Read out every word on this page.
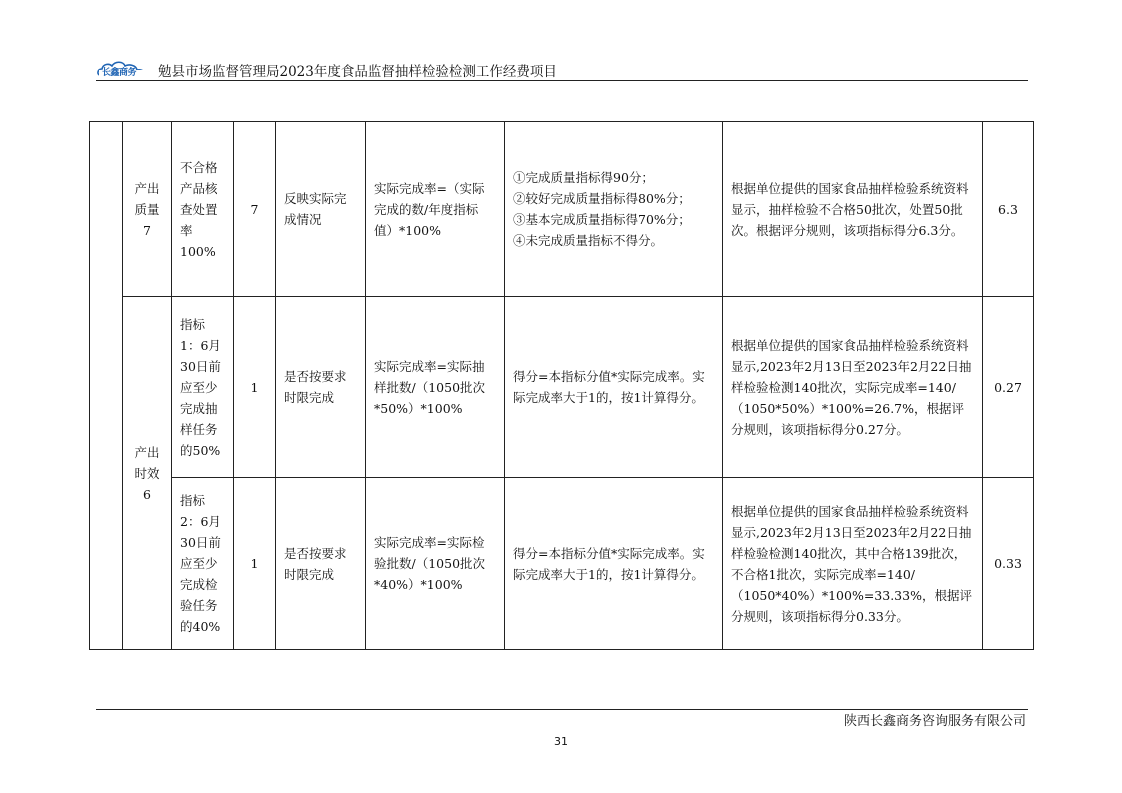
长鑫商务 勉县市场监督管理局2023年度食品监督抽样检验检测工作经费项目
	产出质量7	不合格产品核查处置率100%	7	反映实际完成情况	实际完成率=（实际完成的数/年度指标值）*100%	①完成质量指标得90分；
②较好完成质量指标得80%分；
③基本完成质量指标得70%分；
④未完成质量指标不得分。	根据单位提供的国家食品抽样检验系统资料显示，抽样检验不合格50批次，处置50批次。根据评分规则，该项指标得分6.3分。	6.3
	产出时效6	指标1：6月30日前应至少完成抽样任务的50%	1	是否按要求时限完成	实际完成率=实际抽样批数/（1050批次*50%）*100%	得分=本指标分值*实际完成率。实际完成率大于1的，按1计算得分。	根据单位提供的国家食品抽样检验系统资料显示,2023年2月13日至2023年2月22日抽样检验检测140批次，实际完成率=140/（1050*50%）*100%=26.7%，根据评分规则，该项指标得分0.27分。	0.27
		指标2：6月30日前应至少完成检验任务的40%	1	是否按要求时限完成	实际完成率=实际检验批数/（1050批次*40%）*100%	得分=本指标分值*实际完成率。实际完成率大于1的，按1计算得分。	根据单位提供的国家食品抽样检验系统资料显示,2023年2月13日至2023年2月22日抽样检验检测140批次，其中合格139批次，不合格1批次，实际完成率=140/（1050*40%）*100%=33.33%，根据评分规则，该项指标得分0.33分。	0.33
陕西长鑫商务咨询服务有限公司
31
